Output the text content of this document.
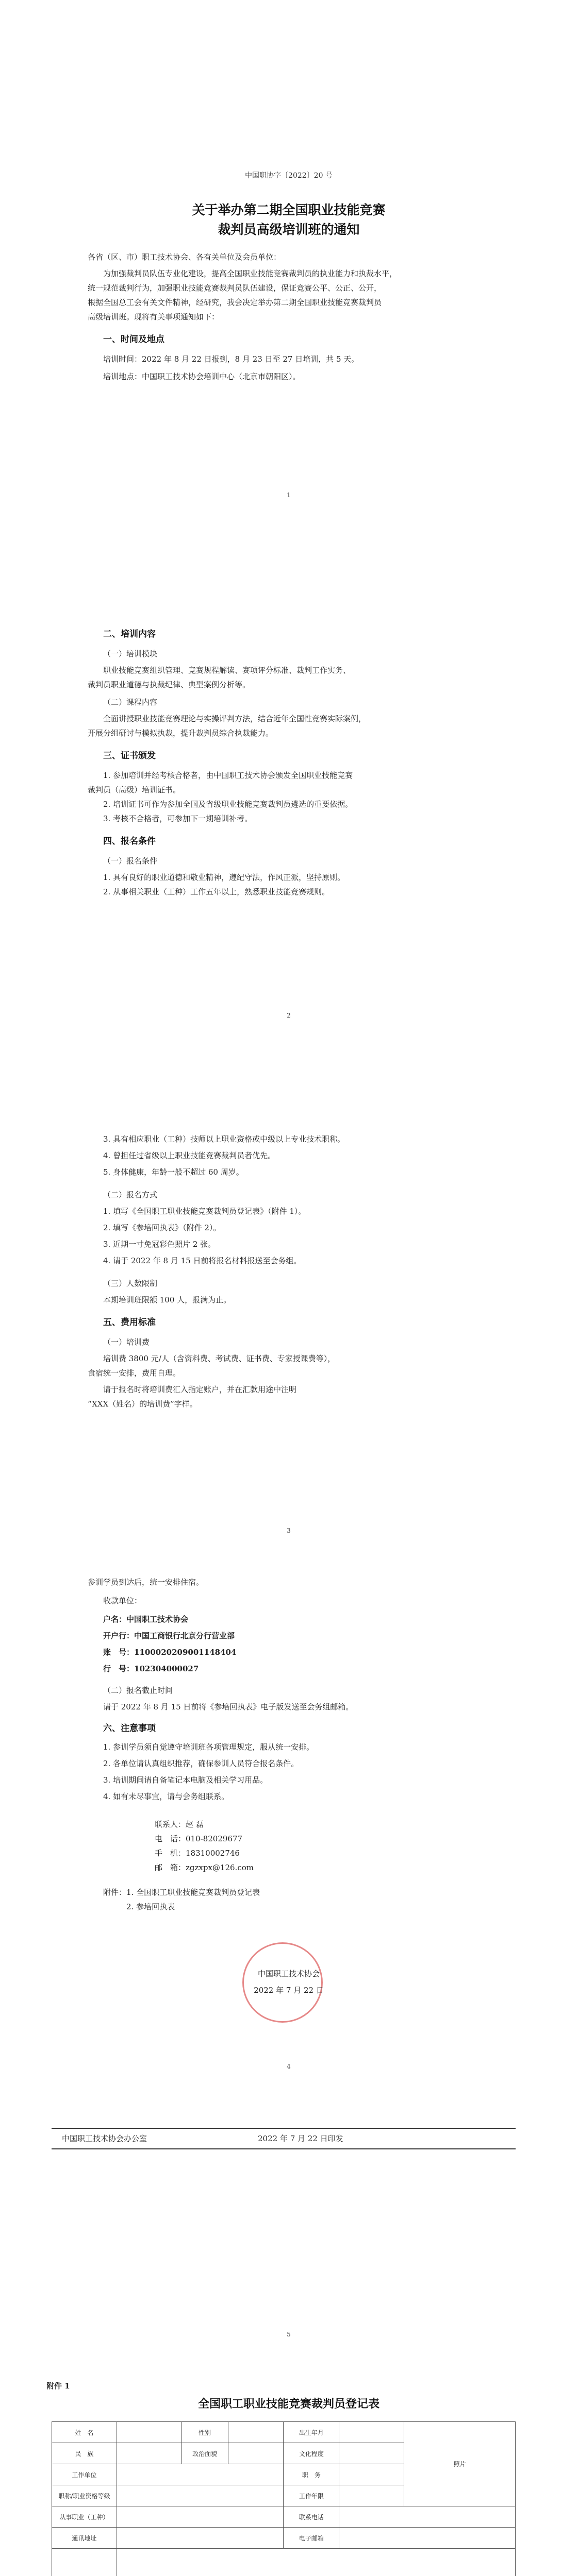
中国职协字〔2022〕20 号
关于举办第二期全国职业技能竞赛
裁判员高级培训班的通知
各省（区、市）职工技术协会、各有关单位及会员单位：
为加强裁判员队伍专业化建设，提高全国职业技能竞赛裁判员的执业能力和执裁水平，
统一规范裁判行为，加强职业技能竞赛裁判员队伍建设，保证竞赛公平、公正、公开，
根据全国总工会有关文件精神，经研究，我会决定举办第二期全国职业技能竞赛裁判员
高级培训班。现将有关事项通知如下：
一、时间及地点
培训时间：2022 年 8 月 22 日报到，8 月 23 日至 27 日培训，共 5 天。
培训地点：中国职工技术协会培训中心（北京市朝阳区）。
1
二、培训内容
（一）培训模块
职业技能竞赛组织管理、竞赛规程解读、赛项评分标准、裁判工作实务、
裁判员职业道德与执裁纪律、典型案例分析等。
（二）课程内容
全面讲授职业技能竞赛理论与实操评判方法，结合近年全国性竞赛实际案例，
开展分组研讨与模拟执裁，提升裁判员综合执裁能力。
三、证书颁发
1. 参加培训并经考核合格者，由中国职工技术协会颁发全国职业技能竞赛
裁判员（高级）培训证书。
2. 培训证书可作为参加全国及省级职业技能竞赛裁判员遴选的重要依据。
3. 考核不合格者，可参加下一期培训补考。
四、报名条件
（一）报名条件
1. 具有良好的职业道德和敬业精神，遵纪守法，作风正派，坚持原则。
2. 从事相关职业（工种）工作五年以上，熟悉职业技能竞赛规则。
2
3. 具有相应职业（工种）技师以上职业资格或中级以上专业技术职称。
4. 曾担任过省级以上职业技能竞赛裁判员者优先。
5. 身体健康，年龄一般不超过 60 周岁。
（二）报名方式
1. 填写《全国职工职业技能竞赛裁判员登记表》（附件 1）。
2. 填写《参培回执表》（附件 2）。
3. 近期一寸免冠彩色照片 2 张。
4. 请于 2022 年 8 月 15 日前将报名材料报送至会务组。
（三）人数限制
本期培训班限额 100 人，报满为止。
五、费用标准
（一）培训费
培训费 3800 元/人（含资料费、考试费、证书费、专家授课费等），
食宿统一安排，费用自理。
请于报名时将培训费汇入指定账户，并在汇款用途中注明
“XXX（姓名）的培训费”字样。
3
参训学员到达后，统一安排住宿。
收款单位：
户名：中国职工技术协会
开户行：中国工商银行北京分行营业部
账　号：1100020209001148404
行　号：102304000027
（二）报名截止时间
请于 2022 年 8 月 15 日前将《参培回执表》电子版发送至会务组邮箱。
六、注意事项
1. 参训学员须自觉遵守培训班各项管理规定，服从统一安排。
2. 各单位请认真组织推荐，确保参训人员符合报名条件。
3. 培训期间请自备笔记本电脑及相关学习用品。
4. 如有未尽事宜，请与会务组联系。
联系人：赵 磊
电　话：010-82029677
手　机：18310002746
邮　箱：zgzxpx@126.com
附件：1. 全国职工职业技能竞赛裁判员登记表
　　　2. 参培回执表
中国职工技术协会
2022 年 7 月 22 日
4
中国职工技术协会办公室	2022 年 7 月 22 日印发
5
附件 1
全国职工职业技能竞赛裁判员登记表
姓　名		性别		出生年月		照片
民　族		政治面貌		文化程度		
工作单位				职　务		
职称/职业资格等级				工作年限		
从事职业（工种）				联系电话		
通讯地址				电子邮箱		
